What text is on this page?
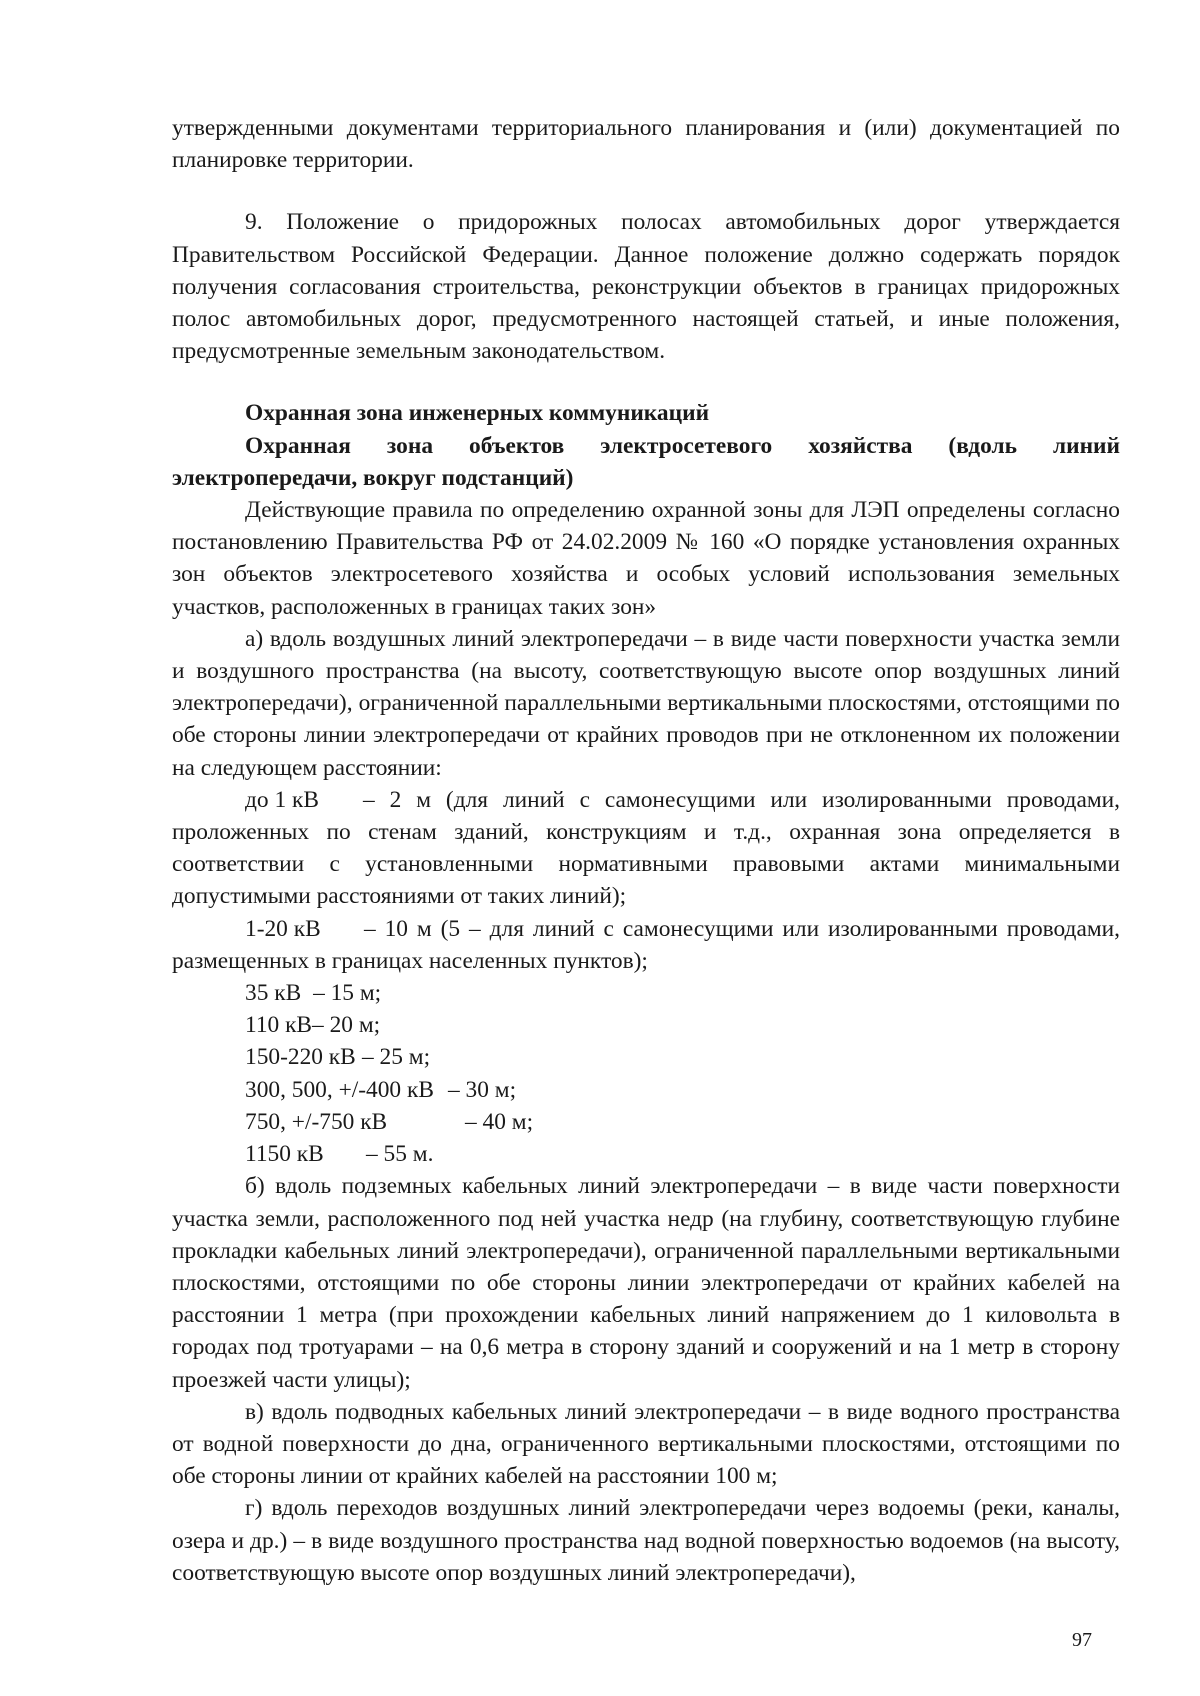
утвержденными документами территориального планирования и (или) документацией по планировке территории.

9. Положение о придорожных полосах автомобильных дорог утверждается Правительством Российской Федерации. Данное положение должно содержать порядок получения согласования строительства, реконструкции объектов в границах придорожных полос автомобильных дорог, предусмотренного настоящей статьей, и иные положения, предусмотренные земельным законодательством.

Охранная зона инженерных коммуникаций

Охранная зона объектов электросетевого хозяйства (вдоль линий электропередачи, вокруг подстанций)

Действующие правила по определению охранной зоны для ЛЭП определены согласно постановлению Правительства РФ от 24.02.2009 № 160 «О порядке установления охранных зон объектов электросетевого хозяйства и особых условий использования земельных участков, расположенных в границах таких зон»

а) вдоль воздушных линий электропередачи – в виде части поверхности участка земли и воздушного пространства (на высоту, соответствующую высоте опор воздушных линий электропередачи), ограниченной параллельными вертикальными плоскостями, отстоящими по обе стороны линии электропередачи от крайних проводов при не отклоненном их положении на следующем расстоянии:

до 1 кВ – 2 м (для линий с самонесущими или изолированными проводами, проложенных по стенам зданий, конструкциям и т.д., охранная зона определяется в соответствии с установленными нормативными правовыми актами минимальными допустимыми расстояниями от таких линий);

1-20 кВ – 10 м (5 – для линий с самонесущими или изолированными проводами, размещенных в границах населенных пунктов);

35 кВ – 15 м;
110 кВ– 20 м;
150-220 кВ – 25 м;
300, 500, +/-400 кВ – 30 м;
750, +/-750 кВ	– 40 м;
1150 кВ – 55 м.

б) вдоль подземных кабельных линий электропередачи – в виде части поверхности участка земли, расположенного под ней участка недр (на глубину, соответствующую глубине прокладки кабельных линий электропередачи), ограниченной параллельными вертикальными плоскостями, отстоящими по обе стороны линии электропередачи от крайних кабелей на расстоянии 1 метра (при прохождении кабельных линий напряжением до 1 киловольта в городах под тротуарами – на 0,6 метра в сторону зданий и сооружений и на 1 метр в сторону проезжей части улицы);

в) вдоль подводных кабельных линий электропередачи – в виде водного пространства от водной поверхности до дна, ограниченного вертикальными плоскостями, отстоящими по обе стороны линии от крайних кабелей на расстоянии 100 м;

г) вдоль переходов воздушных линий электропередачи через водоемы (реки, каналы, озера и др.) – в виде воздушного пространства над водной поверхностью водоемов (на высоту, соответствующую высоте опор воздушных линий электропередачи),

97
